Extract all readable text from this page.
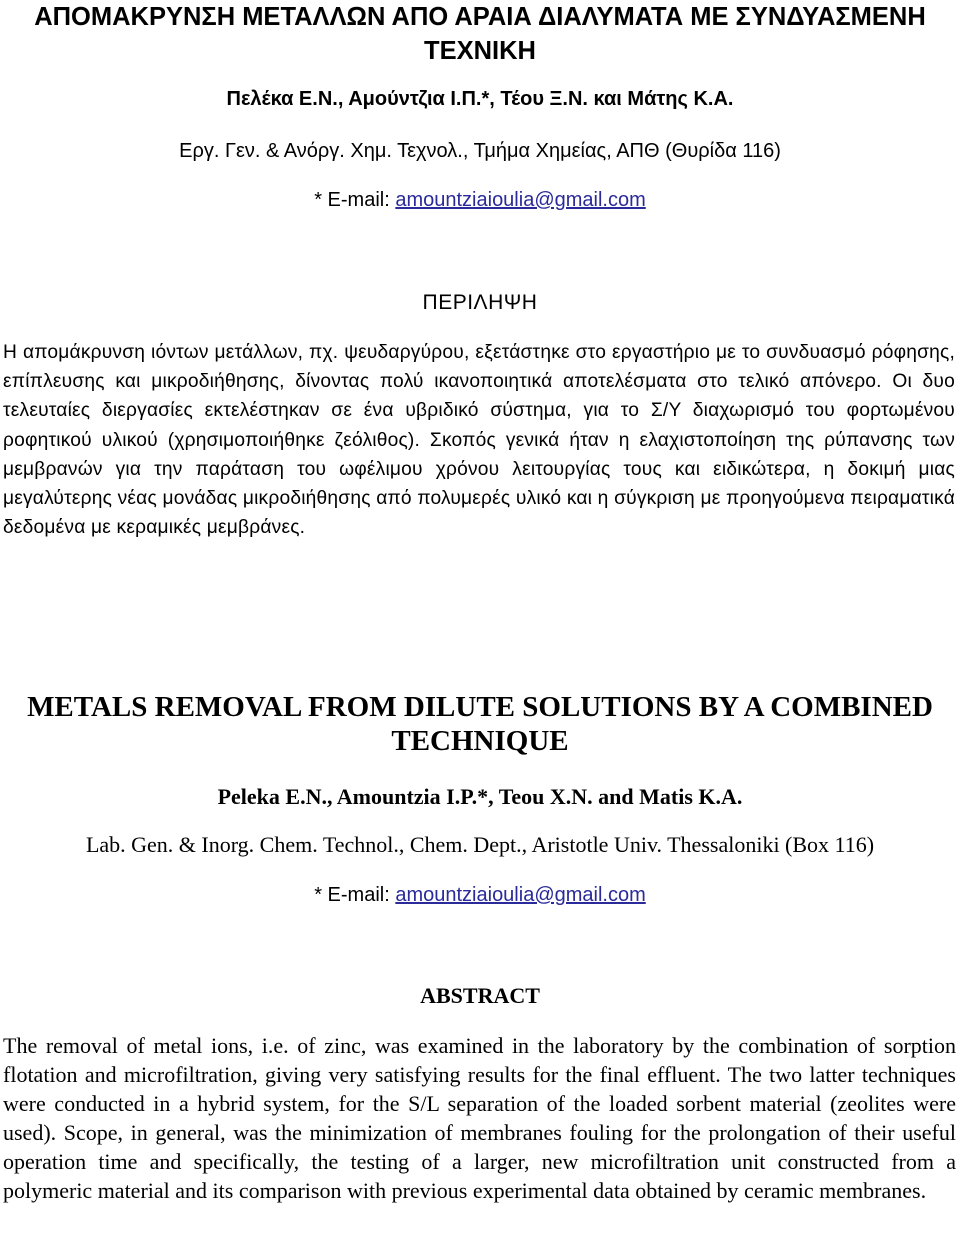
ΑΠΟΜΑΚΡΥΝΣΗ ΜΕΤΑΛΛΩΝ ΑΠΟ ΑΡΑΙΑ ΔΙΑΛΥΜΑΤΑ ΜΕ ΣΥΝΔΥΑΣΜΕΝΗ ΤΕΧΝΙΚΗ
Πελέκα Ε.Ν., Αμούντζια Ι.Π.*, Τέου Ξ.Ν. και Μάτης Κ.Α.
Εργ. Γεν. & Ανόργ. Χημ. Τεχνολ., Τμήμα Χημείας, ΑΠΘ (Θυρίδα 116)
* E-mail: amountziaioulia@gmail.com
ΠΕΡΙΛΗΨΗ

Η απομάκρυνση ιόντων μετάλλων, πχ. ψευδαργύρου, εξετάστηκε στο εργαστήριο με το συνδυασμό ρόφησης, επίπλευσης και μικροδιήθησης, δίνοντας πολύ ικανοποιητικά αποτελέσματα στο τελικό απόνερο. Οι δυο τελευταίες διεργασίες εκτελέστηκαν σε ένα υβριδικό σύστημα, για το Σ/Υ διαχωρισμό του φορτωμένου ροφητικού υλικού (χρησιμοποιήθηκε ζεόλιθος). Σκοπός γενικά ήταν η ελαχιστοποίηση της ρύπανσης των μεμβρανών για την παράταση του ωφέλιμου χρόνου λειτουργίας τους και ειδικώτερα, η δοκιμή μιας μεγαλύτερης νέας μονάδας μικροδιήθησης από πολυμερές υλικό και η σύγκριση με προηγούμενα πειραματικά δεδομένα με κεραμικές μεμβράνες.

METALS REMOVAL FROM DILUTE SOLUTIONS BY A COMBINED TECHNIQUE
Peleka E.N., Amountzia I.P.*, Teou X.N. and Matis K.A.
Lab. Gen. & Inorg. Chem. Technol., Chem. Dept., Aristotle Univ. Thessaloniki (Box 116)
* E-mail: amountziaioulia@gmail.com
ABSTRACT

The removal of metal ions, i.e. of zinc, was examined in the laboratory by the combination of sorption flotation and microfiltration, giving very satisfying results for the final effluent. The two latter techniques were conducted in a hybrid system, for the S/L separation of the loaded sorbent material (zeolites were used). Scope, in general, was the minimization of membranes fouling for the prolongation of their useful operation time and specifically, the testing of a larger, new microfiltration unit constructed from a polymeric material and its comparison with previous experimental data obtained by ceramic membranes.
